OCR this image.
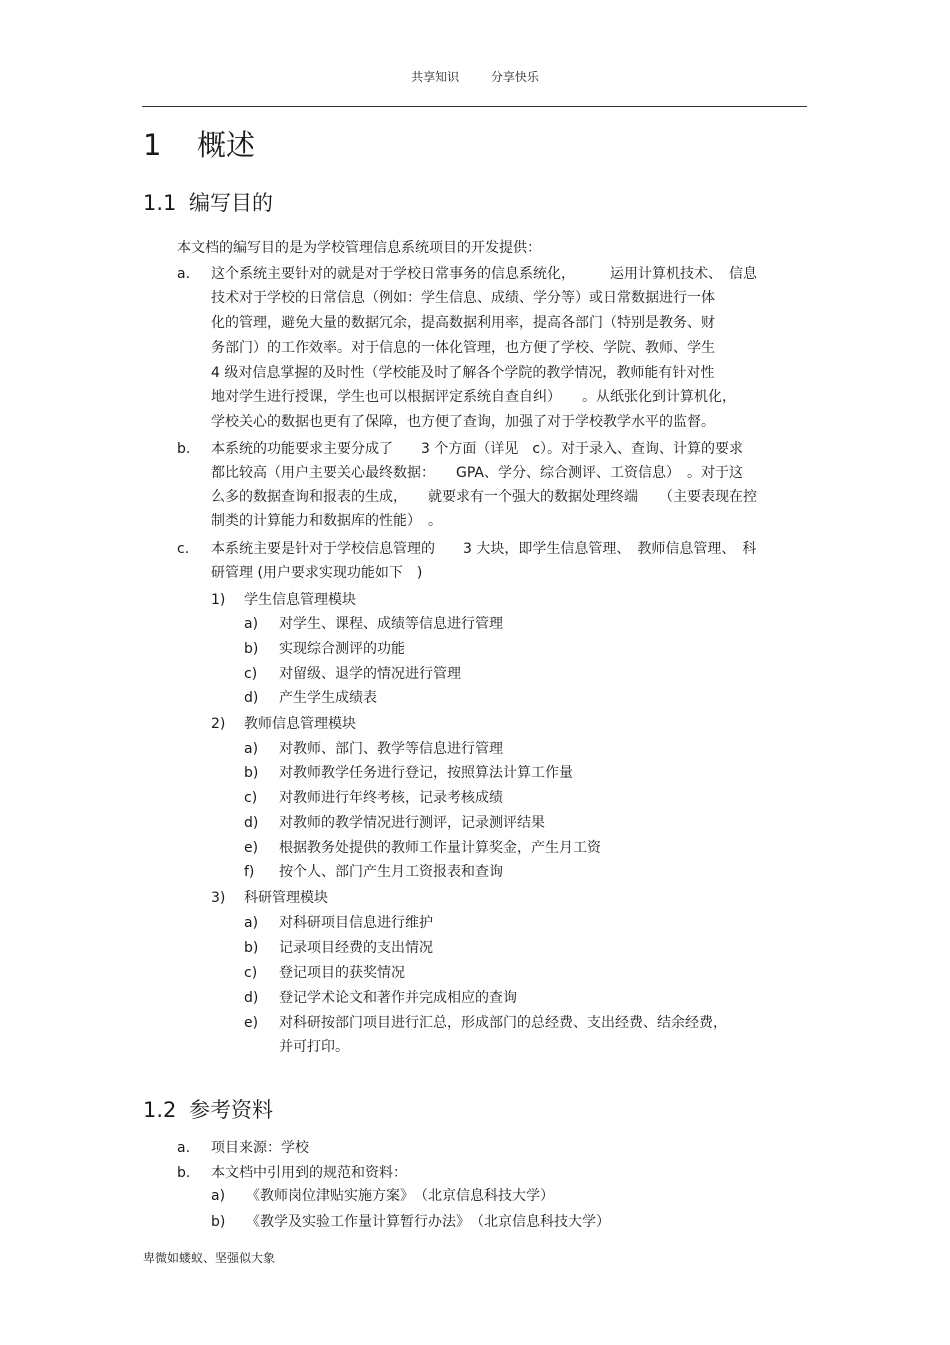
共享知识	分享快乐
1 概述
1.1 编写目的
本文档的编写目的是为学校管理信息系统项目的开发提供：
a. 这个系统主要针对的就是对于学校日常事务的信息系统化，　　　运用计算机技术、　信息
技术对于学校的日常信息（例如：学生信息、成绩、学分等）或日常数据进行一体
化的管理，避免大量的数据冗余，提高数据利用率，提高各部门（特别是教务、财
务部门）的工作效率。对于信息的一体化管理，也方便了学校、学院、教师、学生
4 级对信息掌握的及时性（学校能及时了解各个学院的教学情况，教师能有针对性
地对学生进行授课，学生也可以根据评定系统自查自纠）　　。从纸张化到计算机化，
学校关心的数据也更有了保障，也方便了查询，加强了对于学校教学水平的监督。
b. 本系统的功能要求主要分成了　　3 个方面（详见　c）。对于录入、查询、计算的要求
都比较高（用户主要关心最终数据：　　GPA、学分、综合测评、工资信息）　。对于这
么多的数据查询和报表的生成，　　就要求有一个强大的数据处理终端　　（主要表现在控
制类的计算能力和数据库的性能）　。
c. 本系统主要是针对于学校信息管理的　　3 大块，即学生信息管理、　教师信息管理、　科
研管理 (用户要求实现功能如下　)
1) 学生信息管理模块
a) 对学生、课程、成绩等信息进行管理
b) 实现综合测评的功能
c) 对留级、退学的情况进行管理
d) 产生学生成绩表
2) 教师信息管理模块
a) 对教师、部门、教学等信息进行管理
b) 对教师教学任务进行登记，按照算法计算工作量
c) 对教师进行年终考核，记录考核成绩
d) 对教师的教学情况进行测评，记录测评结果
e) 根据教务处提供的教师工作量计算奖金，产生月工资
f) 按个人、部门产生月工资报表和查询
3) 科研管理模块
a) 对科研项目信息进行维护
b) 记录项目经费的支出情况
c) 登记项目的获奖情况
d) 登记学术论文和著作并完成相应的查询
e) 对科研按部门项目进行汇总，形成部门的总经费、支出经费、结余经费，
并可打印。
1.2 参考资料
a. 项目来源：学校
b. 本文档中引用到的规范和资料：
a) 《教师岗位津贴实施方案》　（北京信息科技大学）
b) 《教学及实验工作量计算暂行办法》　（北京信息科技大学）
卑微如蝼蚁、坚强似大象
